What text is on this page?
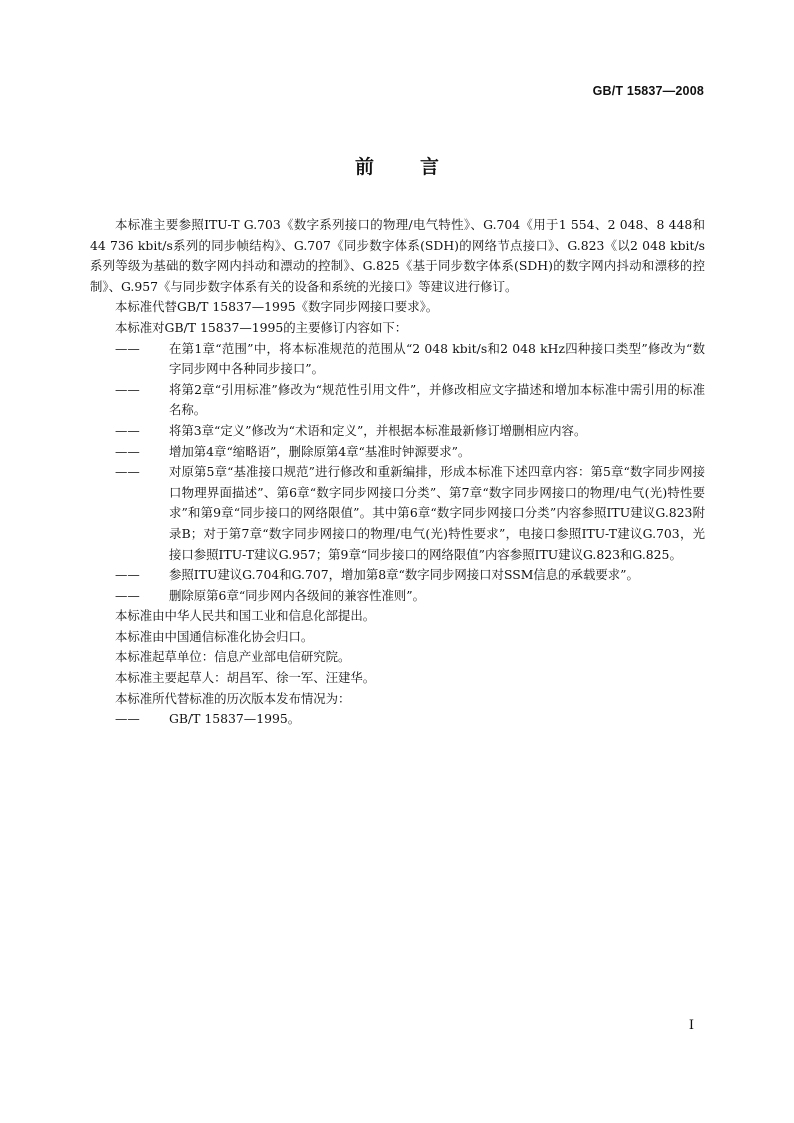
GB/T 15837—2008
前 言

本标准主要参照ITU-T G.703《数字系列接口的物理/电气特性》、G.704《用于1 554、2 048、8 448和44 736 kbit/s系列的同步帧结构》、G.707《同步数字体系(SDH)的网络节点接口》、G.823《以2 048 kbit/s系列等级为基础的数字网内抖动和漂动的控制》、G.825《基于同步数字体系(SDH)的数字网内抖动和漂移的控制》、G.957《与同步数字体系有关的设备和系统的光接口》等建议进行修订。

本标准代替GB/T 15837—1995《数字同步网接口要求》。

本标准对GB/T 15837—1995的主要修订内容如下：

——	在第1章“范围”中，将本标准规范的范围从“2 048 kbit/s和2 048 kHz四种接口类型”修改为“数字同步网中各种同步接口”。
——	将第2章“引用标准”修改为“规范性引用文件”，并修改相应文字描述和增加本标准中需引用的标准名称。
——	将第3章“定义”修改为“术语和定义”，并根据本标准最新修订增删相应内容。
——	增加第4章“缩略语”，删除原第4章“基准时钟源要求”。
——	对原第5章“基准接口规范”进行修改和重新编排，形成本标准下述四章内容：第5章“数字同步网接口物理界面描述”、第6章“数字同步网接口分类”、第7章“数字同步网接口的物理/电气(光)特性要求”和第9章“同步接口的网络限值”。其中第6章“数字同步网接口分类”内容参照ITU建议G.823附录B；对于第7章“数字同步网接口的物理/电气(光)特性要求”，电接口参照ITU-T建议G.703，光接口参照ITU-T建议G.957；第9章“同步接口的网络限值”内容参照ITU建议G.823和G.825。
——	参照ITU建议G.704和G.707，增加第8章“数字同步网接口对SSM信息的承载要求”。
——	删除原第6章“同步网内各级间的兼容性准则”。

本标准由中华人民共和国工业和信息化部提出。

本标准由中国通信标准化协会归口。

本标准起草单位：信息产业部电信研究院。

本标准主要起草人：胡昌军、徐一军、汪建华。

本标准所代替标准的历次版本发布情况为：

——	GB/T 15837—1995。
I
